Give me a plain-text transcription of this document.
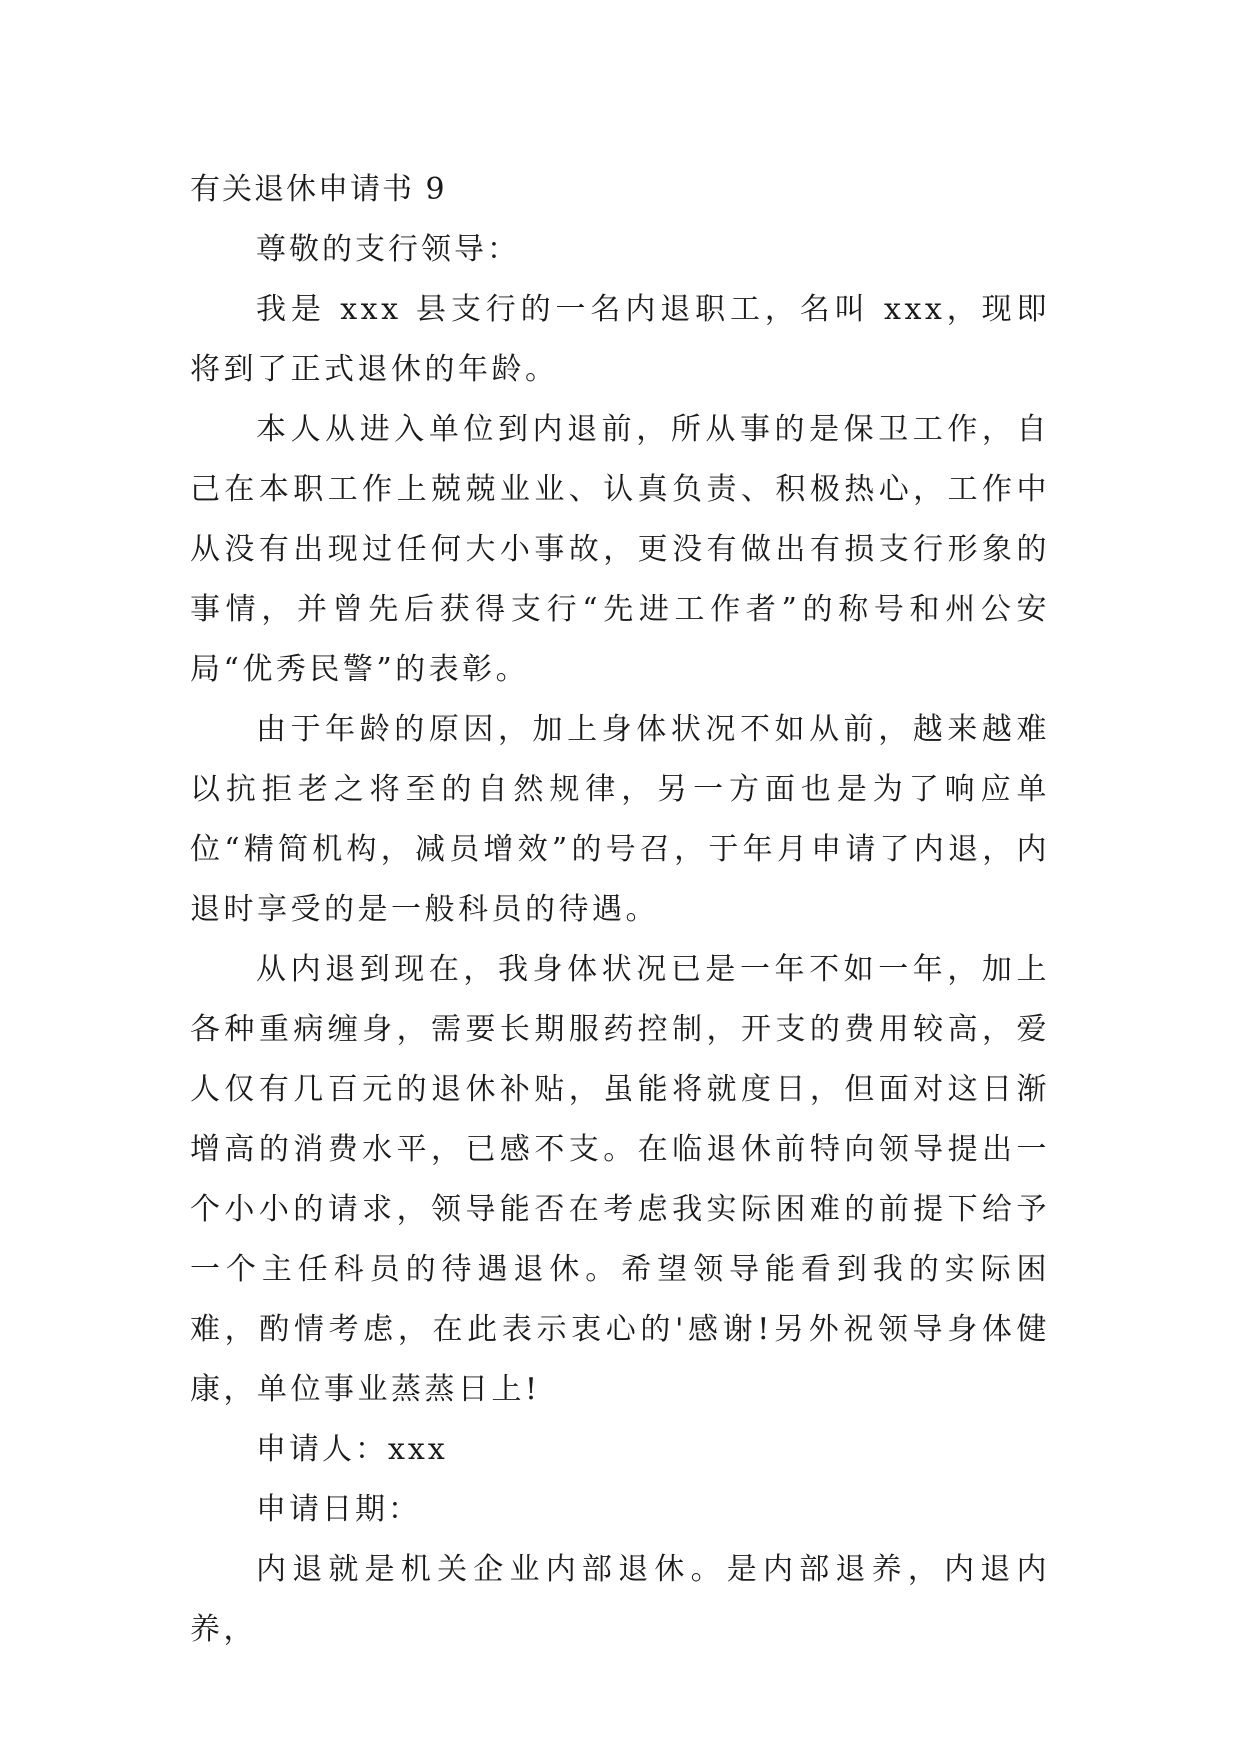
有关退休申请书 9

尊敬的支行领导：

我是 xxx 县支行的一名内退职工，名叫 xxx，现即将到了正式退休的年龄。

本人从进入单位到内退前，所从事的是保卫工作，自己在本职工作上兢兢业业、认真负责、积极热心，工作中从没有出现过任何大小事故，更没有做出有损支行形象的事情，并曾先后获得支行“先进工作者”的称号和州公安局“优秀民警”的表彰。

由于年龄的原因，加上身体状况不如从前，越来越难以抗拒老之将至的自然规律，另一方面也是为了响应单位“精简机构，减员增效”的号召，于年月申请了内退，内退时享受的是一般科员的待遇。

从内退到现在，我身体状况已是一年不如一年，加上各种重病缠身，需要长期服药控制，开支的费用较高，爱人仅有几百元的退休补贴，虽能将就度日，但面对这日渐增高的消费水平，已感不支。在临退休前特向领导提出一个小小的请求，领导能否在考虑我实际困难的前提下给予一个主任科员的待遇退休。希望领导能看到我的实际困难，酌情考虑，在此表示衷心的'感谢!另外祝领导身体健康，单位事业蒸蒸日上!

申请人：xxx

申请日期：

内退就是机关企业内部退休。是内部退养，内退内养，
